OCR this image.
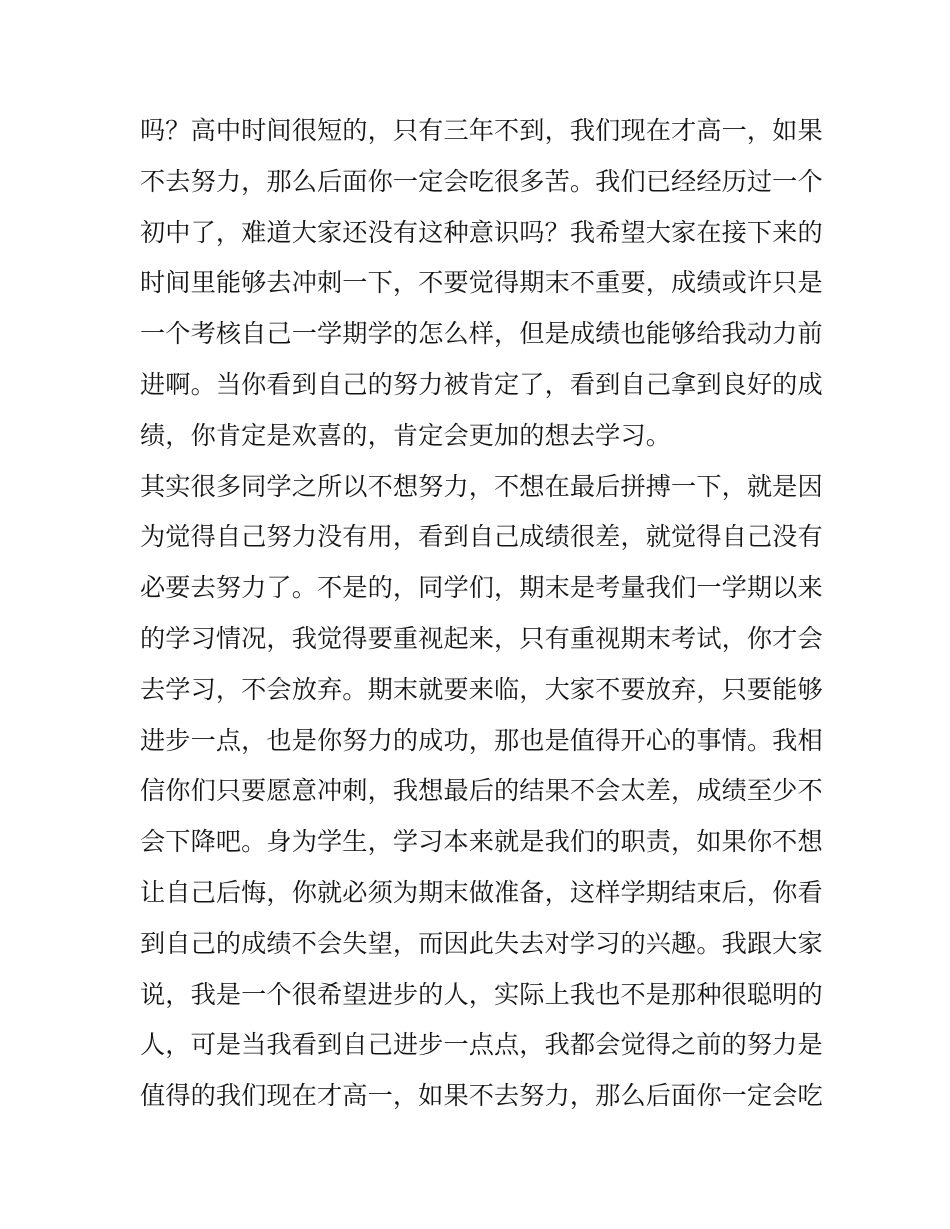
吗？高中时间很短的，只有三年不到，我们现在才高一，如果
不去努力，那么后面你一定会吃很多苦。我们已经经历过一个
初中了，难道大家还没有这种意识吗？我希望大家在接下来的
时间里能够去冲刺一下，不要觉得期末不重要，成绩或许只是
一个考核自己一学期学的怎么样，但是成绩也能够给我动力前
进啊。当你看到自己的努力被肯定了，看到自己拿到良好的成
绩，你肯定是欢喜的，肯定会更加的想去学习。
其实很多同学之所以不想努力，不想在最后拼搏一下，就是因
为觉得自己努力没有用，看到自己成绩很差，就觉得自己没有
必要去努力了。不是的，同学们，期末是考量我们一学期以来
的学习情况，我觉得要重视起来，只有重视期末考试，你才会
去学习，不会放弃。期末就要来临，大家不要放弃，只要能够
进步一点，也是你努力的成功，那也是值得开心的事情。我相
信你们只要愿意冲刺，我想最后的结果不会太差，成绩至少不
会下降吧。身为学生，学习本来就是我们的职责，如果你不想
让自己后悔，你就必须为期末做准备，这样学期结束后，你看
到自己的成绩不会失望，而因此失去对学习的兴趣。我跟大家
说，我是一个很希望进步的人，实际上我也不是那种很聪明的
人，可是当我看到自己进步一点点，我都会觉得之前的努力是
值得的我们现在才高一，如果不去努力，那么后面你一定会吃
